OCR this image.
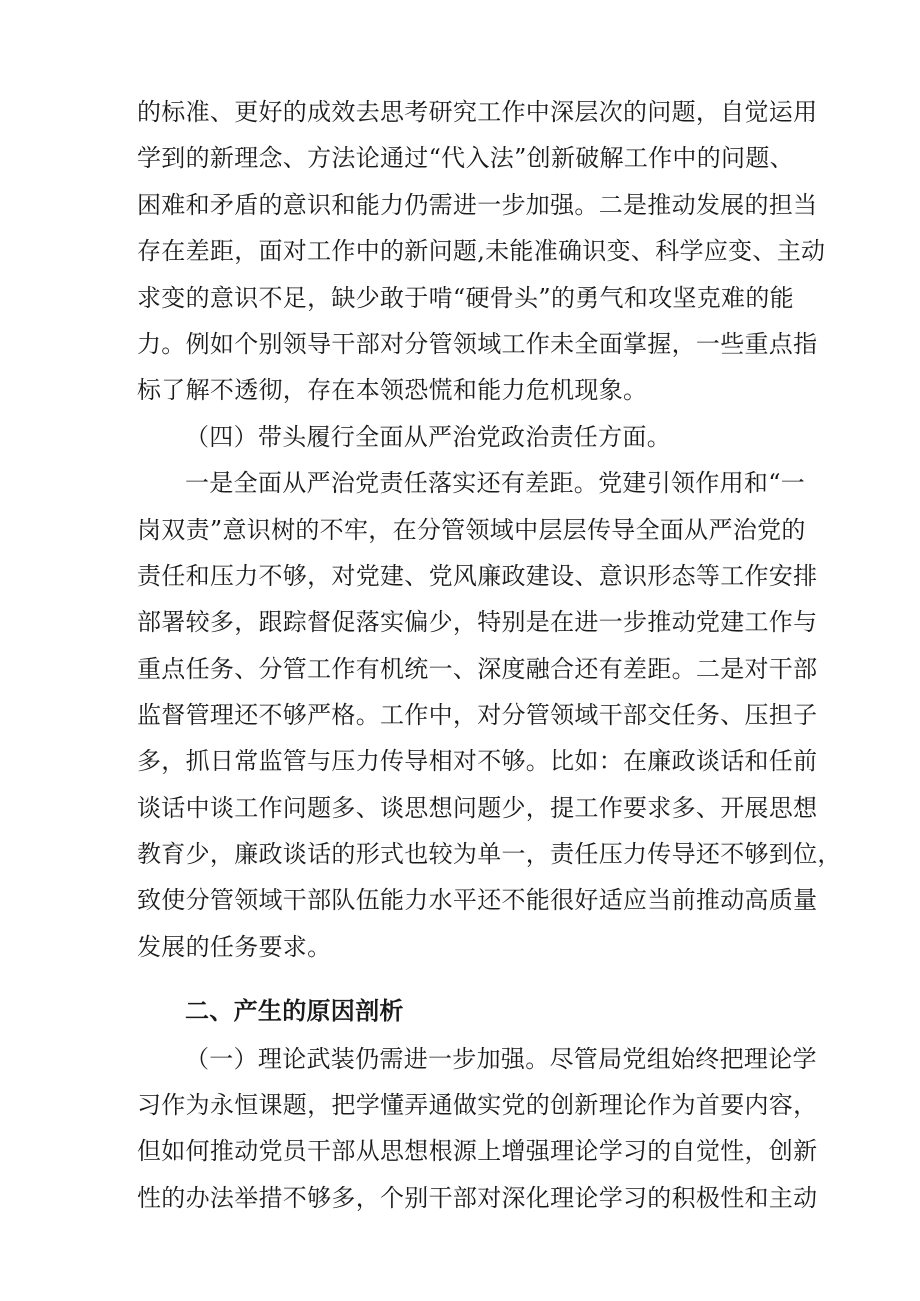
的标准、更好的成效去思考研究工作中深层次的问题，自觉运用
学到的新理念、方法论通过“代入法”创新破解工作中的问题、
困难和矛盾的意识和能力仍需进一步加强。二是推动发展的担当
存在差距，面对工作中的新问题,未能准确识变、科学应变、主动
求变的意识不足，缺少敢于啃“硬骨头”的勇气和攻坚克难的能
力。例如个别领导干部对分管领域工作未全面掌握，一些重点指
标了解不透彻，存在本领恐慌和能力危机现象。
（四）带头履行全面从严治党政治责任方面。
一是全面从严治党责任落实还有差距。党建引领作用和“一
岗双责”意识树的不牢，在分管领域中层层传导全面从严治党的
责任和压力不够，对党建、党风廉政建设、意识形态等工作安排
部署较多，跟踪督促落实偏少，特别是在进一步推动党建工作与
重点任务、分管工作有机统一、深度融合还有差距。二是对干部
监督管理还不够严格。工作中，对分管领域干部交任务、压担子
多，抓日常监管与压力传导相对不够。比如：在廉政谈话和任前
谈话中谈工作问题多、谈思想问题少，提工作要求多、开展思想
教育少，廉政谈话的形式也较为单一，责任压力传导还不够到位，
致使分管领域干部队伍能力水平还不能很好适应当前推动高质量
发展的任务要求。
二、产生的原因剖析
（一）理论武装仍需进一步加强。尽管局党组始终把理论学
习作为永恒课题，把学懂弄通做实党的创新理论作为首要内容，
但如何推动党员干部从思想根源上增强理论学习的自觉性，创新
性的办法举措不够多，个别干部对深化理论学习的积极性和主动
